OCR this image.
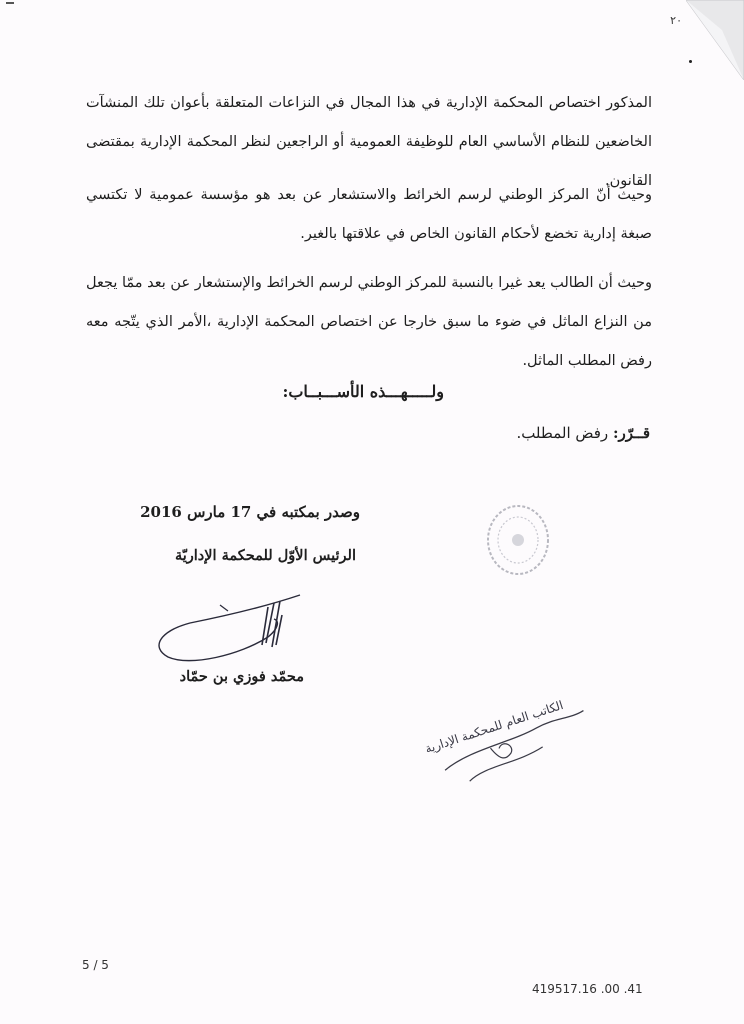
٢٠

المذكور اختصاص المحكمة الإدارية في هذا المجال في النزاعات المتعلقة بأعوان تلك المنشآت الخاضعين للنظام الأساسي العام للوظيفة العمومية أو الراجعين لنظر المحكمة الإدارية بمقتضى القانون.

وحيث أنّ المركز الوطني لرسم الخرائط والاستشعار عن بعد هو مؤسسة عمومية لا تكتسي صبغة إدارية تخضع لأحكام القانون الخاص في علاقتها بالغير.

وحيث أن الطالب يعد غيرا بالنسبة للمركز الوطني لرسم الخرائط والإستشعار عن بعد ممّا يجعل من النزاع الماثل في ضوء ما سبق خارجا عن اختصاص المحكمة الإدارية ،الأمر الذي يتّجه معه رفض المطلب الماثل.

ولـــــهـــذه الأســـبــاب:

قــرّر: رفض المطلب.

وصدر بمكتبه في 17 مارس 2016

الرئيس الأوّل للمحكمة الإداريّة

محمّد فوزي بن حمّاد

الكاتب العام للمحكمة الإدارية
5 / 5
419517.16 .00 .41
